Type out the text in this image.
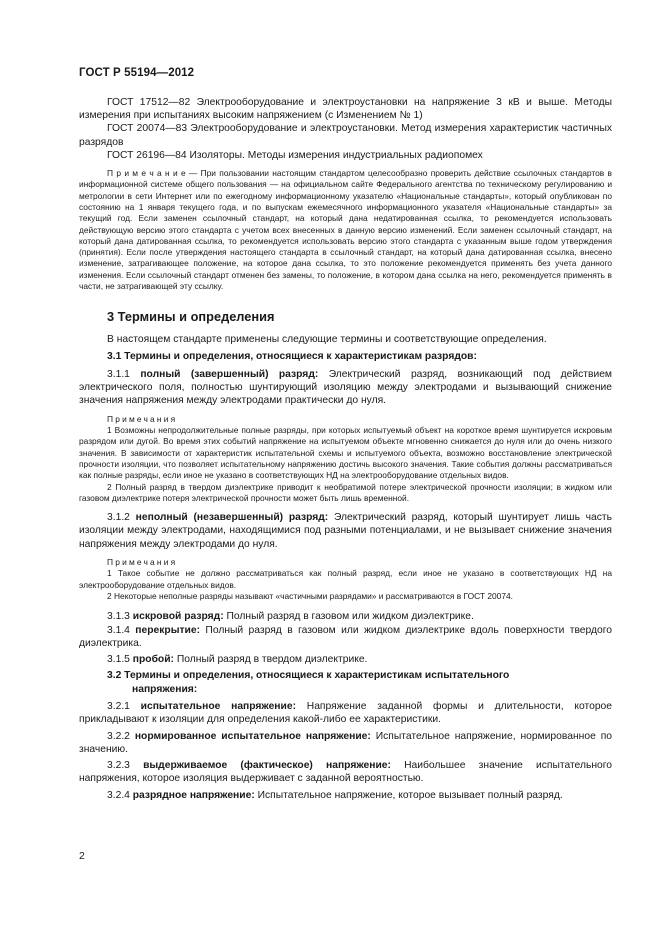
ГОСТ Р 55194—2012

ГОСТ 17512—82 Электрооборудование и электроустановки на напряжение 3 кВ и выше. Методы измерения при испытаниях высоким напряжением (с Изменением № 1)

ГОСТ 20074—83 Электрооборудование и электроустановки. Метод измерения характеристик частичных разрядов

ГОСТ 26196—84 Изоляторы. Методы измерения индустриальных радиопомех

П р и м е ч а н и е — При пользовании настоящим стандартом целесообразно проверить действие ссылочных стандартов в информационной системе общего пользования — на официальном сайте Федерального агентства по техническому регулированию и метрологии в сети Интернет или по ежегодному информационному указателю «Национальные стандарты», который опубликован по состоянию на 1 января текущего года, и по выпускам ежемесячного информационного указателя «Национальные стандарты» за текущий год. Если заменен ссылочный стандарт, на который дана недатированная ссылка, то рекомендуется использовать действующую версию этого стандарта с учетом всех внесенных в данную версию изменений. Если заменен ссылочный стандарт, на который дана датированная ссылка, то рекомендуется использовать версию этого стандарта с указанным выше годом утверждения (принятия). Если после утверждения настоящего стандарта в ссылочный стандарт, на который дана датированная ссылка, внесено изменение, затрагивающее положение, на которое дана ссылка, то это положение рекомендуется применять без учета данного изменения. Если ссылочный стандарт отменен без замены, то положение, в котором дана ссылка на него, рекомендуется применять в части, не затрагивающей эту ссылку.

3 Термины и определения

В настоящем стандарте применены следующие термины и соответствующие определения.

3.1 Термины и определения, относящиеся к характеристикам разрядов:

3.1.1 полный (завершенный) разряд: Электрический разряд, возникающий под действием электрического поля, полностью шунтирующий изоляцию между электродами и вызывающий снижение значения напряжения между электродами практически до нуля.

Примечания

1 Возможны непродолжительные полные разряды, при которых испытуемый объект на короткое время шунтируется искровым разрядом или дугой. Во время этих событий напряжение на испытуемом объекте мгновенно снижается до нуля или до очень низкого значения. В зависимости от характеристик испытательной схемы и испытуемого объекта, возможно восстановление электрической прочности изоляции, что позволяет испытательному напряжению достичь высокого значения. Такие события должны рассматриваться как полные разряды, если иное не указано в соответствующих НД на электрооборудование отдельных видов.

2 Полный разряд в твердом диэлектрике приводит к необратимой потере электрической прочности изоляции; в жидком или газовом диэлектрике потеря электрической прочности может быть лишь временной.

3.1.2 неполный (незавершенный) разряд: Электрический разряд, который шунтирует лишь часть изоляции между электродами, находящимися под разными потенциалами, и не вызывает снижение значения напряжения между электродами до нуля.

Примечания

1 Такое событие не должно рассматриваться как полный разряд, если иное не указано в соответствующих НД на электрооборудование отдельных видов.

2 Некоторые неполные разряды называют «частичными разрядами» и рассматриваются в ГОСТ 20074.

3.1.3 искровой разряд: Полный разряд в газовом или жидком диэлектрике.

3.1.4 перекрытие: Полный разряд в газовом или жидком диэлектрике вдоль поверхности твердого диэлектрика.

3.1.5 пробой: Полный разряд в твердом диэлектрике.

3.2 Термины и определения, относящиеся к характеристикам испытательного
напряжения:

3.2.1 испытательное напряжение: Напряжение заданной формы и длительности, которое прикладывают к изоляции для определения какой-либо ее характеристики.

3.2.2 нормированное испытательное напряжение: Испытательное напряжение, нормированное по значению.

3.2.3 выдерживаемое (фактическое) напряжение: Наибольшее значение испытательного напряжения, которое изоляция выдерживает с заданной вероятностью.

3.2.4 разрядное напряжение: Испытательное напряжение, которое вызывает полный разряд.

2
